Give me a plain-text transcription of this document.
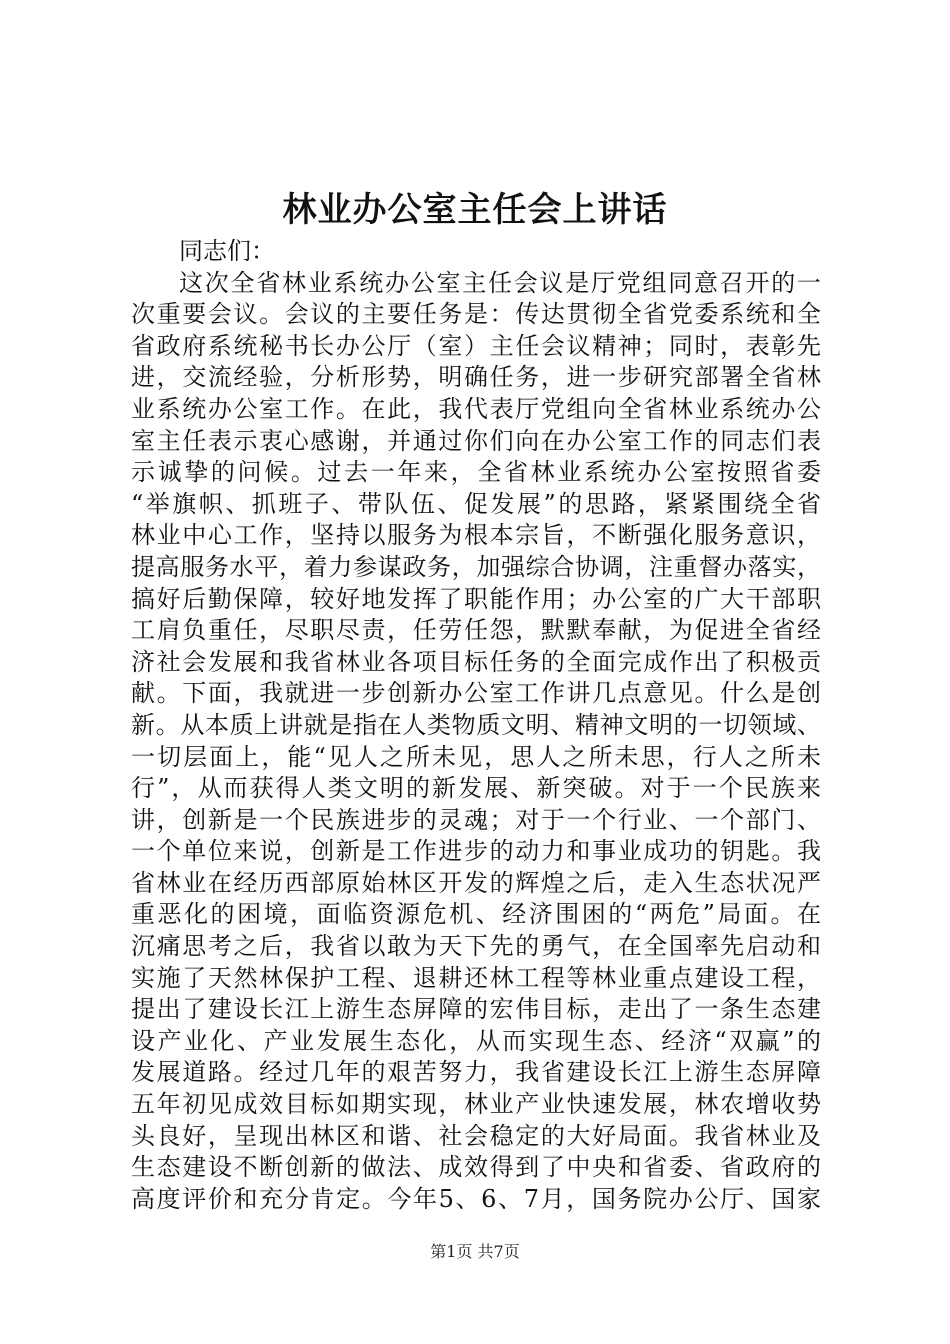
林业办公室主任会上讲话
同志们：
这次全省林业系统办公室主任会议是厅党组同意召开的一
次重要会议。会议的主要任务是：传达贯彻全省党委系统和全
省政府系统秘书长办公厅（室）主任会议精神；同时，表彰先
进，交流经验，分析形势，明确任务，进一步研究部署全省林
业系统办公室工作。在此，我代表厅党组向全省林业系统办公
室主任表示衷心感谢，并通过你们向在办公室工作的同志们表
示诚挚的问候。过去一年来，全省林业系统办公室按照省委
“举旗帜、抓班子、带队伍、促发展”的思路，紧紧围绕全省
林业中心工作，坚持以服务为根本宗旨，不断强化服务意识，
提高服务水平，着力参谋政务，加强综合协调，注重督办落实，
搞好后勤保障，较好地发挥了职能作用；办公室的广大干部职
工肩负重任，尽职尽责，任劳任怨，默默奉献，为促进全省经
济社会发展和我省林业各项目标任务的全面完成作出了积极贡
献。下面，我就进一步创新办公室工作讲几点意见。什么是创
新。从本质上讲就是指在人类物质文明、精神文明的一切领域、
一切层面上，能“见人之所未见，思人之所未思，行人之所未
行”，从而获得人类文明的新发展、新突破。对于一个民族来
讲，创新是一个民族进步的灵魂；对于一个行业、一个部门、
一个单位来说，创新是工作进步的动力和事业成功的钥匙。我
省林业在经历西部原始林区开发的辉煌之后，走入生态状况严
重恶化的困境，面临资源危机、经济围困的“两危”局面。在
沉痛思考之后，我省以敢为天下先的勇气，在全国率先启动和
实施了天然林保护工程、退耕还林工程等林业重点建设工程，
提出了建设长江上游生态屏障的宏伟目标，走出了一条生态建
设产业化、产业发展生态化，从而实现生态、经济“双赢”的
发展道路。经过几年的艰苦努力，我省建设长江上游生态屏障
五年初见成效目标如期实现，林业产业快速发展，林农增收势
头良好，呈现出林区和谐、社会稳定的大好局面。我省林业及
生态建设不断创新的做法、成效得到了中央和省委、省政府的
高度评价和充分肯定。今年5、6、7月，国务院办公厅、国家
第1页 共7页
